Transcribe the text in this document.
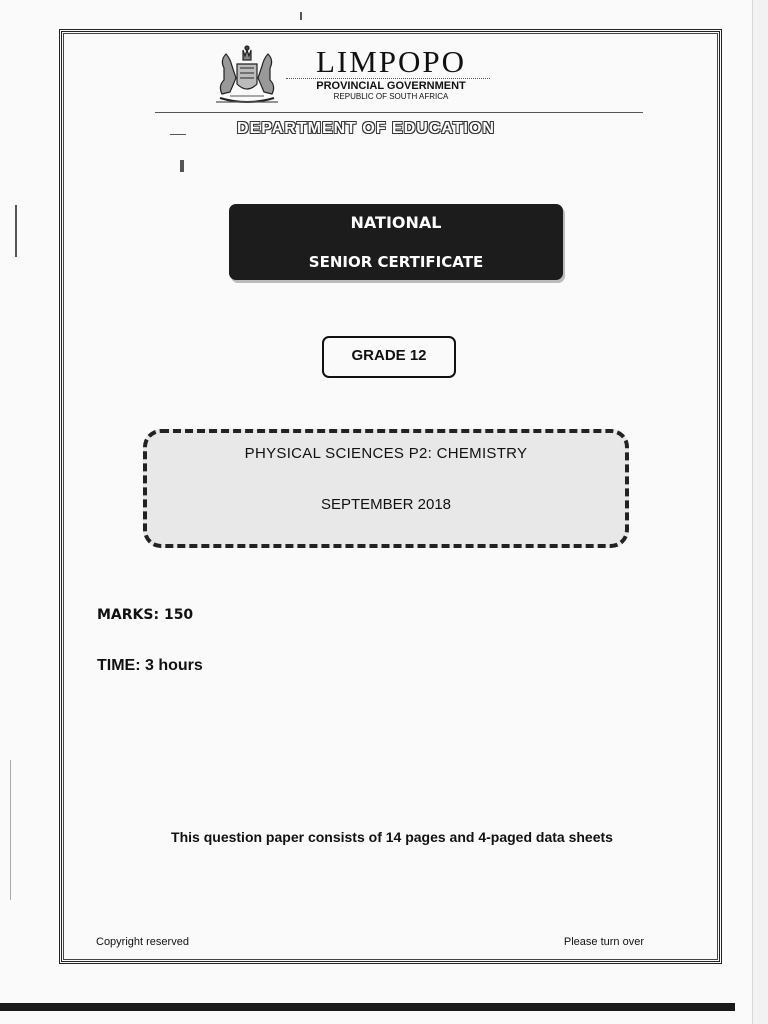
LIMPOPO
PROVINCIAL GOVERNMENT
REPUBLIC OF SOUTH AFRICA
DEPARTMENT OF EDUCATION
NATIONAL
SENIOR CERTIFICATE
GRADE 12
PHYSICAL SCIENCES P2: CHEMISTRY
SEPTEMBER 2018
MARKS: 150
TIME: 3 hours
This question paper consists of 14 pages and 4-paged data sheets
Copyright reserved	Please turn over
